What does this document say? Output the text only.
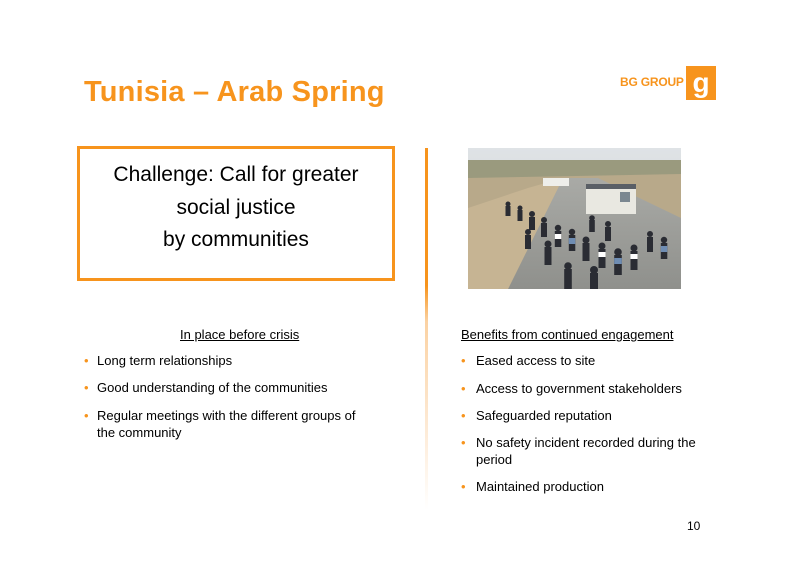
Tunisia – Arab Spring	BG GROUP g
Challenge: Call for greater
social justice
by communities
In place before crisis
• Long term relationships
• Good understanding of the communities
• Regular meetings with the different groups of the community
Benefits from continued engagement
• Eased access to site
• Access to government stakeholders
• Safeguarded reputation
• No safety incident recorded during the period
• Maintained production
10
